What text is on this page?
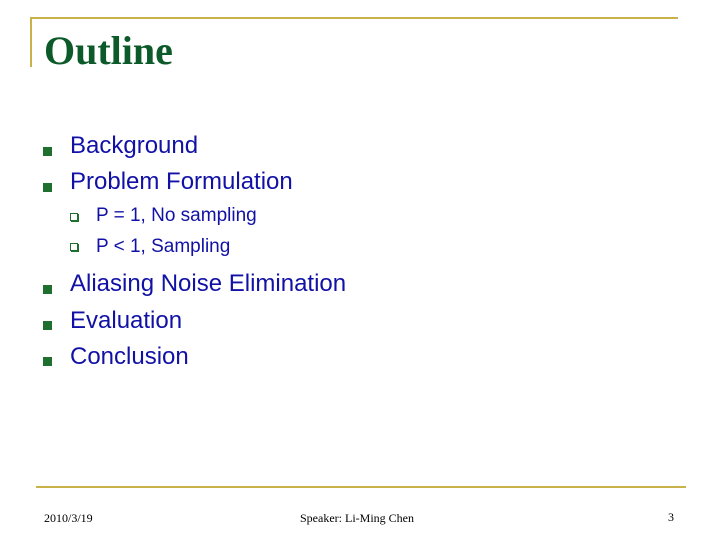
Outline
Background
Problem Formulation
P = 1, No sampling
P < 1, Sampling
Aliasing Noise Elimination
Evaluation
Conclusion
2010/3/19	Speaker: Li-Ming Chen	3
